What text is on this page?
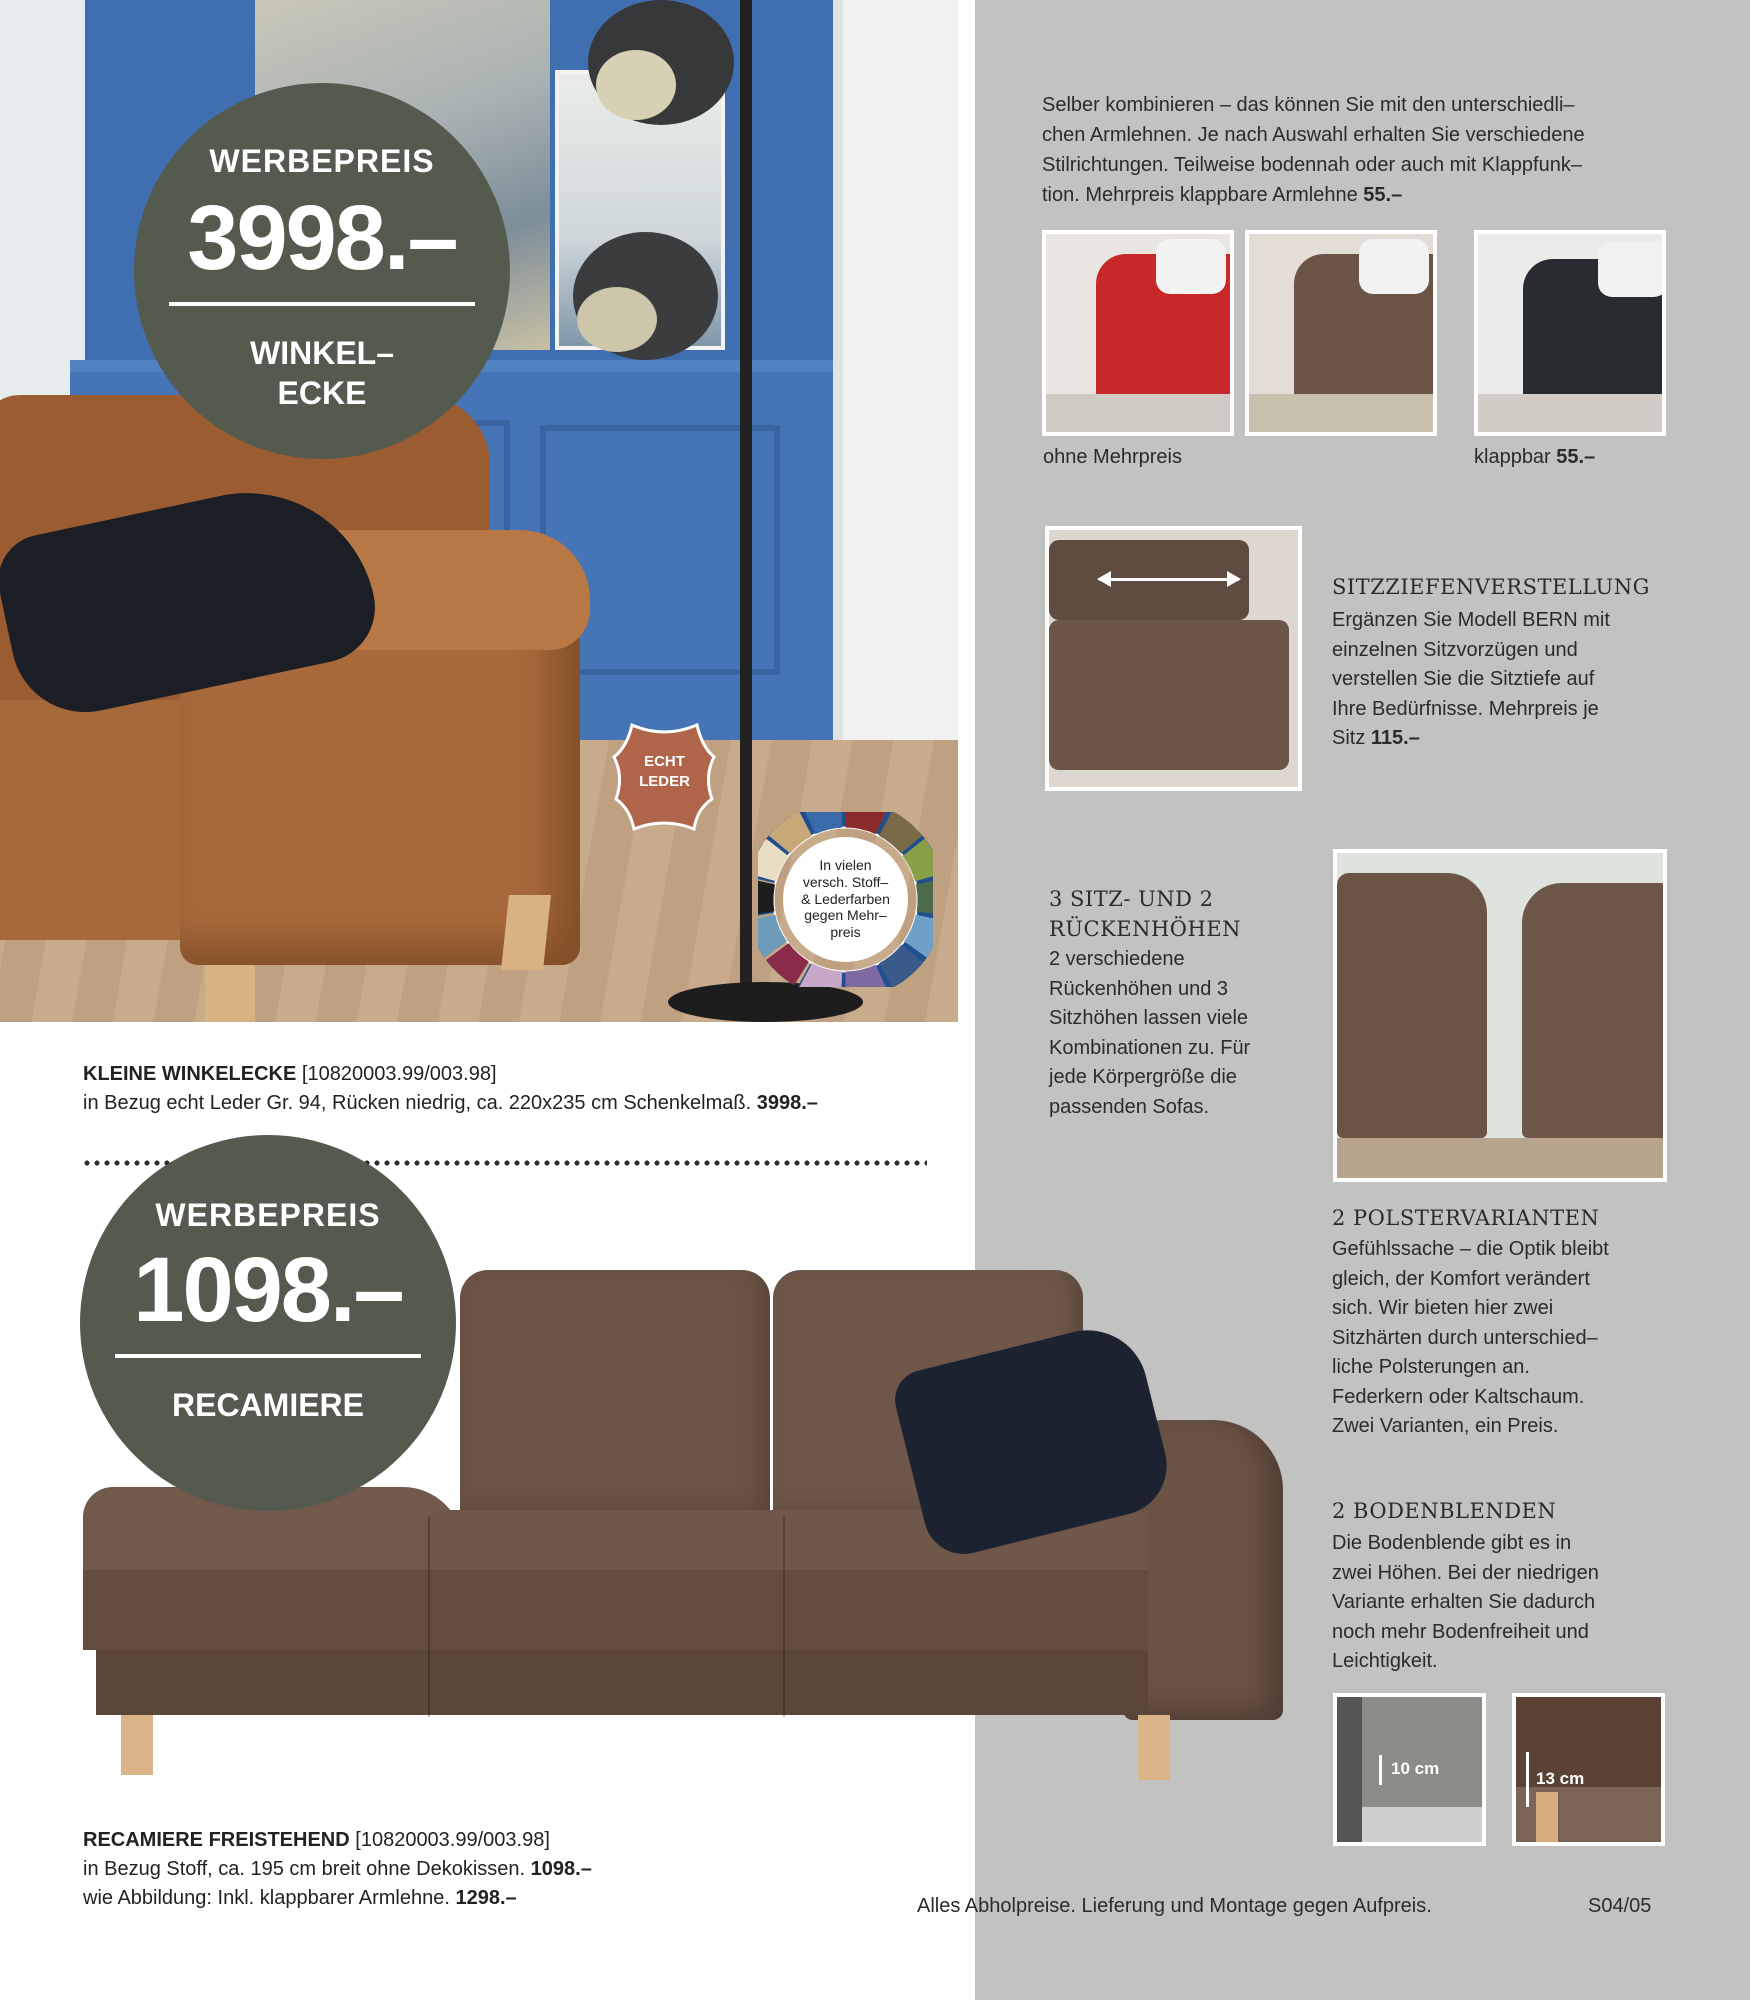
WERBEPREIS
3998.–
WINKEL–
ECKE
ECHT
LEDER
In vielen
versch. Stoff–
& Lederfarben
gegen Mehr–
preis
KLEINE WINKELECKE [10820003.99/003.98]
in Bezug echt Leder Gr. 94, Rücken niedrig, ca. 220x235 cm Schenkelmaß. 3998.–
WERBEPREIS
1098.–
RECAMIERE
RECAMIERE FREISTEHEND [10820003.99/003.98]
in Bezug Stoff, ca. 195 cm breit ohne Dekokissen. 1098.–
wie Abbildung: Inkl. klappbarer Armlehne. 1298.–
Selber kombinieren – das können Sie mit den unterschiedli–
chen Armlehnen. Je nach Auswahl erhalten Sie verschiedene
Stilrichtungen. Teilweise bodennah oder auch mit Klappfunk–
tion. Mehrpreis klappbare Armlehne 55.–
ohne Mehrpreis	klappbar 55.–
SITZZIEFENVERSTELLUNG
Ergänzen Sie Modell BERN mit
einzelnen Sitzvorzügen und
verstellen Sie die Sitztiefe auf
Ihre Bedürfnisse. Mehrpreis je
Sitz 115.–
3 SITZ- UND 2
RÜCKENHÖHEN
2 verschiedene
Rückenhöhen und 3
Sitzhöhen lassen viele
Kombinationen zu. Für
jede Körpergröße die
passenden Sofas.
2 POLSTERVARIANTEN
Gefühlssache – die Optik bleibt
gleich, der Komfort verändert
sich. Wir bieten hier zwei
Sitzhärten durch unterschied–
liche Polsterungen an.
Federkern oder Kaltschaum.
Zwei Varianten, ein Preis.
2 BODENBLENDEN
Die Bodenblende gibt es in
zwei Höhen. Bei der niedrigen
Variante erhalten Sie dadurch
noch mehr Bodenfreiheit und
Leichtigkeit.
10 cm
13 cm
Alles Abholpreise. Lieferung und Montage gegen Aufpreis.	S04/05
